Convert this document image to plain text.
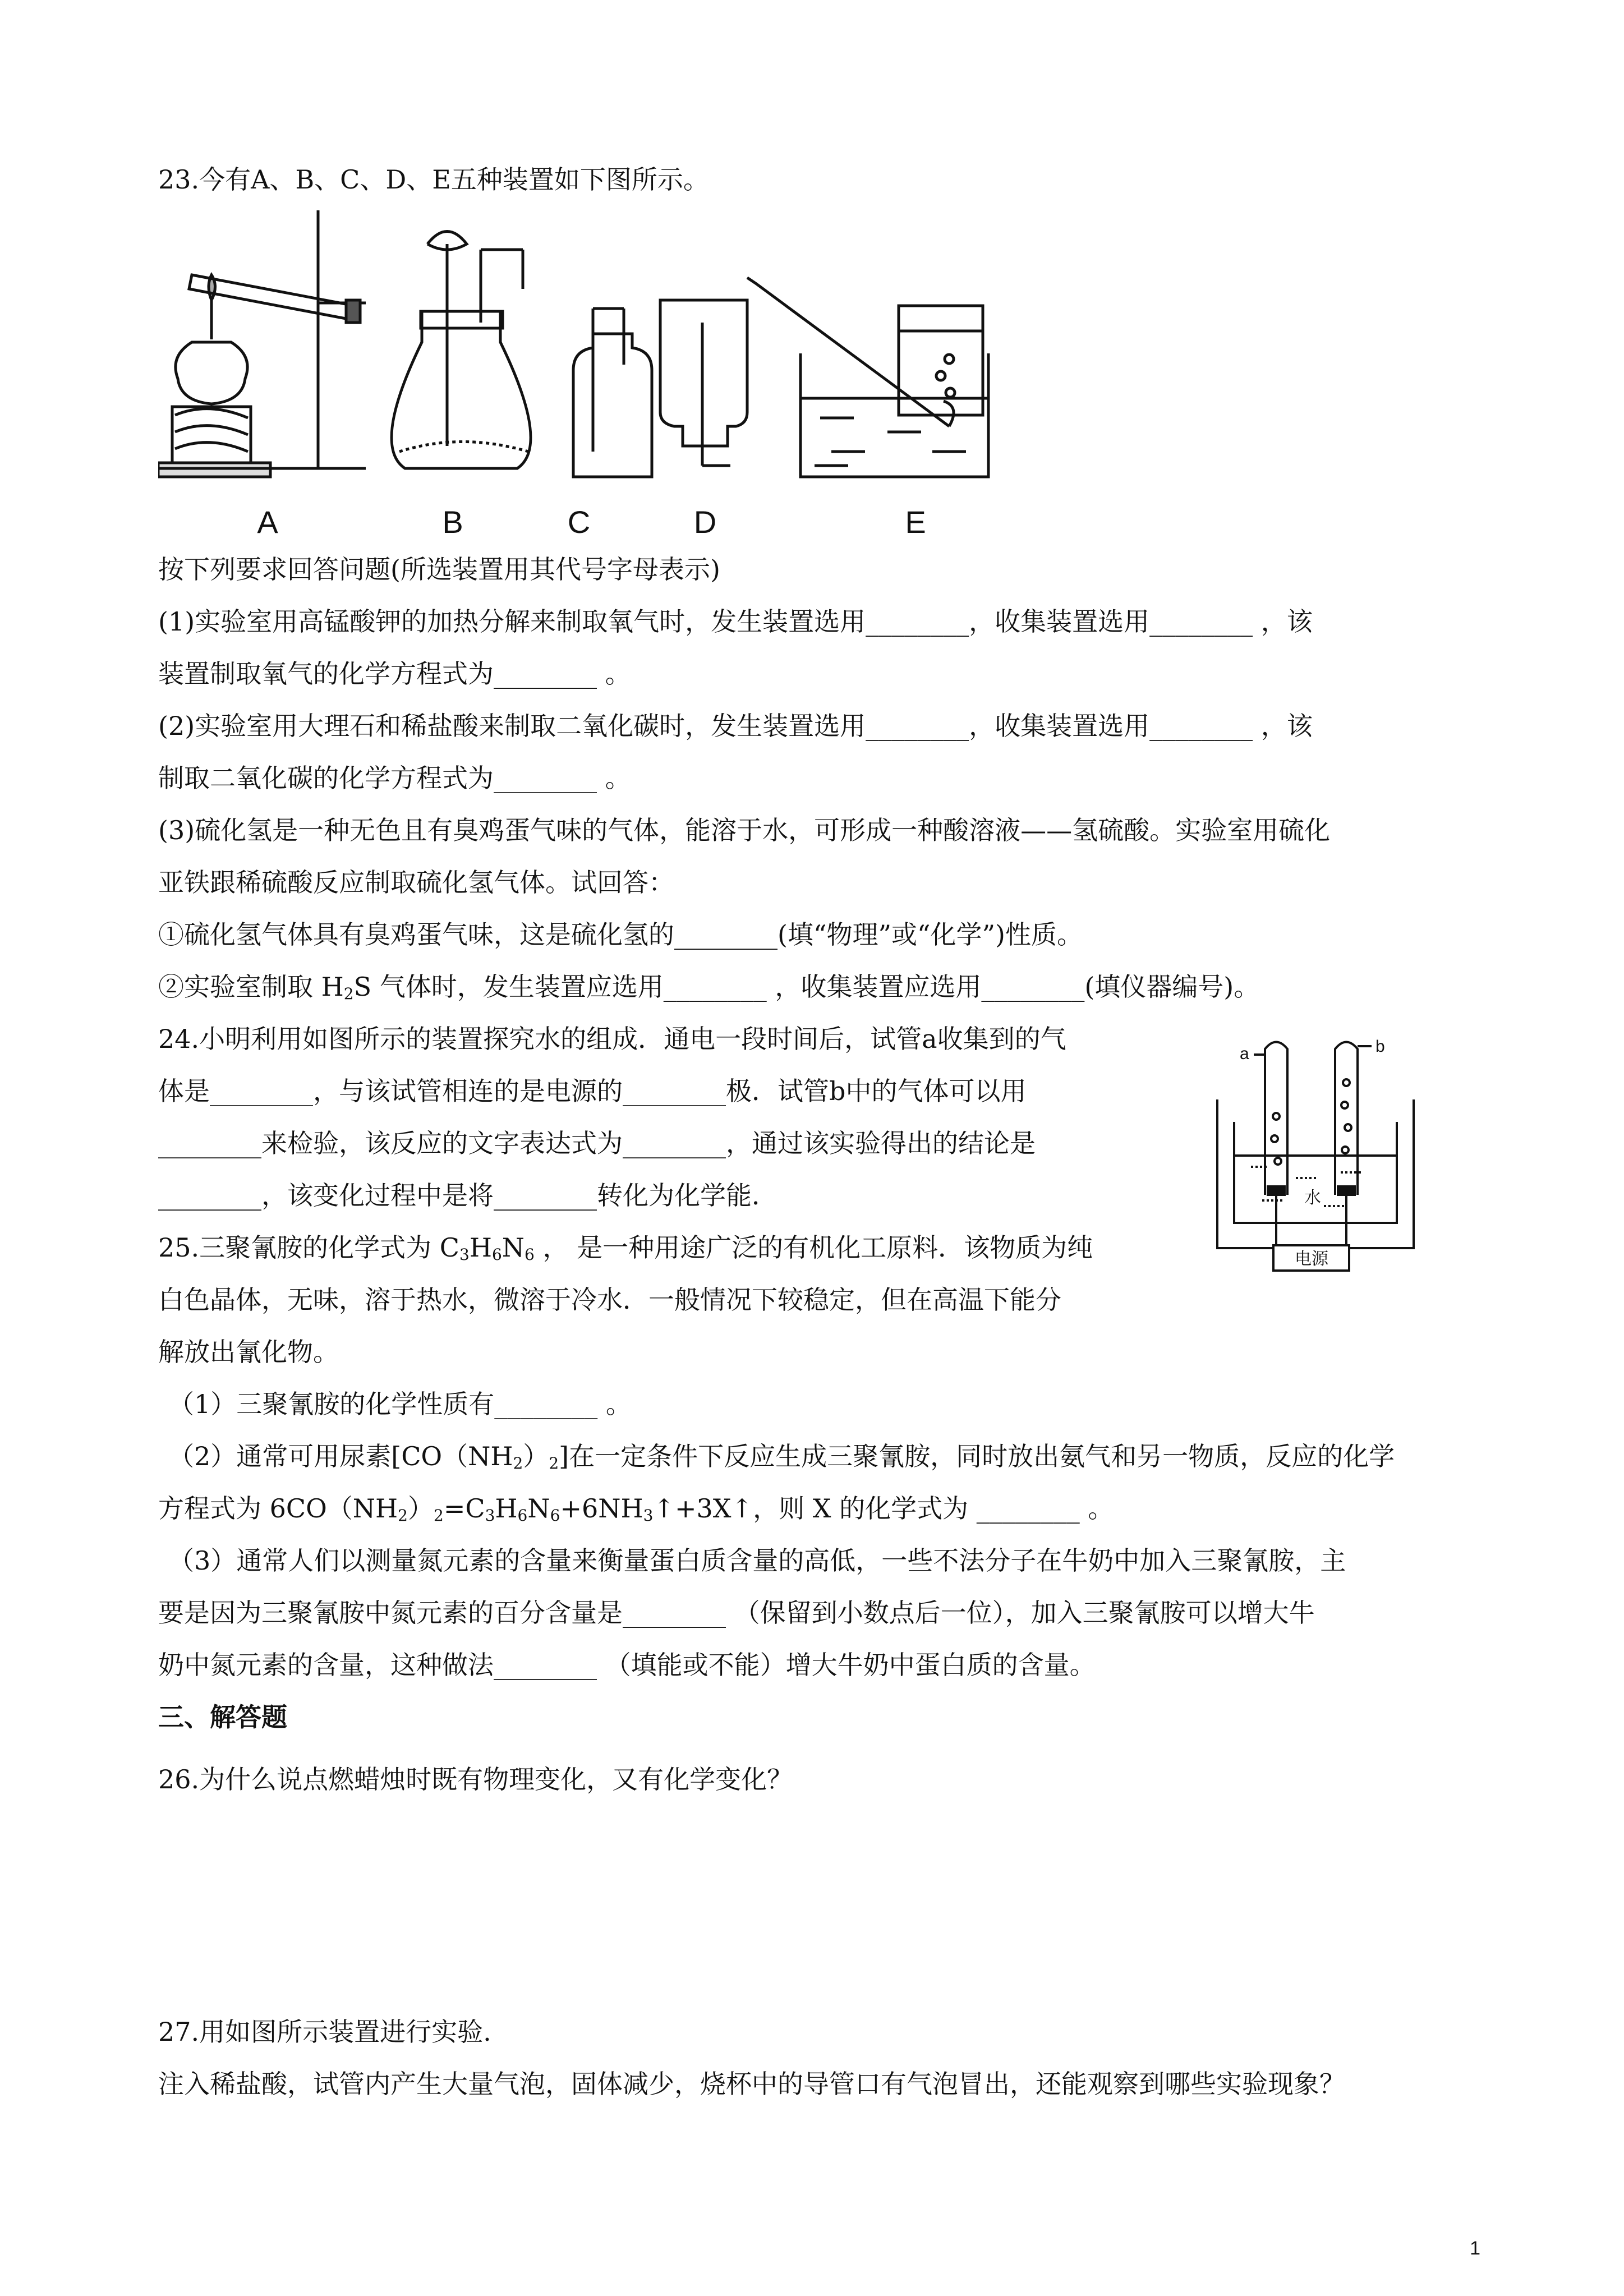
23.今有A、B、C、D、E五种装置如下图所示。
A	B	C	D	E
按下列要求回答问题(所选装置用其代号字母表示)
(1)实验室用高锰酸钾的加热分解来制取氧气时，发生装置选用________，收集装置选用________ ，该
装置制取氧气的化学方程式为________ 。
(2)实验室用大理石和稀盐酸来制取二氧化碳时，发生装置选用________，收集装置选用________ ，该
制取二氧化碳的化学方程式为________ 。
(3)硫化氢是一种无色且有臭鸡蛋气味的气体，能溶于水，可形成一种酸溶液——氢硫酸。实验室用硫化
亚铁跟稀硫酸反应制取硫化氢气体。试回答：
①硫化氢气体具有臭鸡蛋气味，这是硫化氢的________(填“物理”或“化学”)性质。
②实验室制取 $H_2S$ 气体时，发生装置应选用________ ，收集装置应选用________(填仪器编号)。
24.小明利用如图所示的装置探究水的组成．通电一段时间后，试管a收集到的气
体是________，与该试管相连的是电源的________极．试管b中的气体可以用
________来检验，该反应的文字表达式为________，通过该实验得出的结论是
________，该变化过程中是将________转化为化学能．
a	b
水
电源
25.三聚氰胺的化学式为 $C_3H_6N_6$ ， 是一种用途广泛的有机化工原料．该物质为纯
白色晶体，无味，溶于热水，微溶于冷水．一般情况下较稳定，但在高温下能分
解放出氰化物。
（1）三聚氰胺的化学性质有________ 。
（2）通常可用尿素$[CO(NH_2)_2]$在一定条件下反应生成三聚氰胺，同时放出氨气和另一物质，反应的化学
方程式为 $6CO(NH_2)_2=C_3H_6N_6+6NH_3↑+3X↑$，则 X 的化学式为 ________ 。
（3）通常人们以测量氮元素的含量来衡量蛋白质含量的高低，一些不法分子在牛奶中加入三聚氰胺，主
要是因为三聚氰胺中氮元素的百分含量是________ （保留到小数点后一位），加入三聚氰胺可以增大牛
奶中氮元素的含量，这种做法________ （填能或不能）增大牛奶中蛋白质的含量。
三、解答题
26.为什么说点燃蜡烛时既有物理变化，又有化学变化？
27.用如图所示装置进行实验.
注入稀盐酸，试管内产生大量气泡，固体减少，烧杯中的导管口有气泡冒出，还能观察到哪些实验现象？
1
